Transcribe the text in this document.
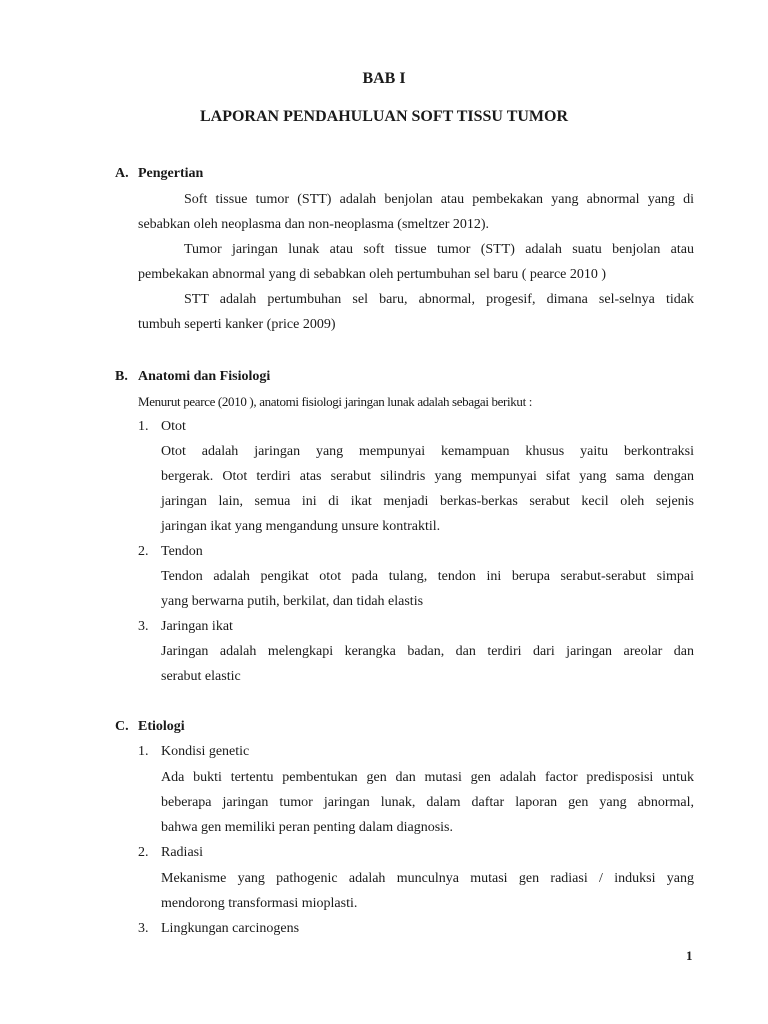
BAB I
LAPORAN PENDAHULUAN SOFT TISSU TUMOR
A. Pengertian
Soft tissue tumor (STT) adalah benjolan atau pembekakan yang abnormal yang di
sebabkan oleh neoplasma dan non-neoplasma (smeltzer 2012).
Tumor jaringan lunak atau soft tissue tumor (STT) adalah suatu benjolan atau
pembekakan abnormal yang di sebabkan oleh pertumbuhan sel baru ( pearce 2010 )
STT adalah pertumbuhan sel baru, abnormal, progesif, dimana sel-selnya tidak
tumbuh seperti kanker (price 2009)
B. Anatomi dan Fisiologi
Menurut pearce (2010 ), anatomi fisiologi jaringan lunak adalah sebagai berikut :
1. Otot
Otot adalah jaringan yang mempunyai kemampuan khusus yaitu berkontraksi
bergerak. Otot terdiri atas serabut silindris yang mempunyai sifat yang sama dengan
jaringan lain, semua ini di ikat menjadi berkas-berkas serabut kecil oleh sejenis
jaringan ikat yang mengandung unsure kontraktil.
2. Tendon
Tendon adalah pengikat otot pada tulang, tendon ini berupa serabut-serabut simpai
yang berwarna putih, berkilat, dan tidah elastis
3. Jaringan ikat
Jaringan adalah melengkapi kerangka badan, dan terdiri dari jaringan areolar dan
serabut elastic
C. Etiologi
1. Kondisi genetic
Ada bukti tertentu pembentukan gen dan mutasi gen adalah factor predisposisi untuk
beberapa jaringan tumor jaringan lunak, dalam daftar laporan gen yang abnormal,
bahwa gen memiliki peran penting dalam diagnosis.
2. Radiasi
Mekanisme yang pathogenic adalah munculnya mutasi gen radiasi / induksi yang
mendorong transformasi mioplasti.
3. Lingkungan carcinogens
1
